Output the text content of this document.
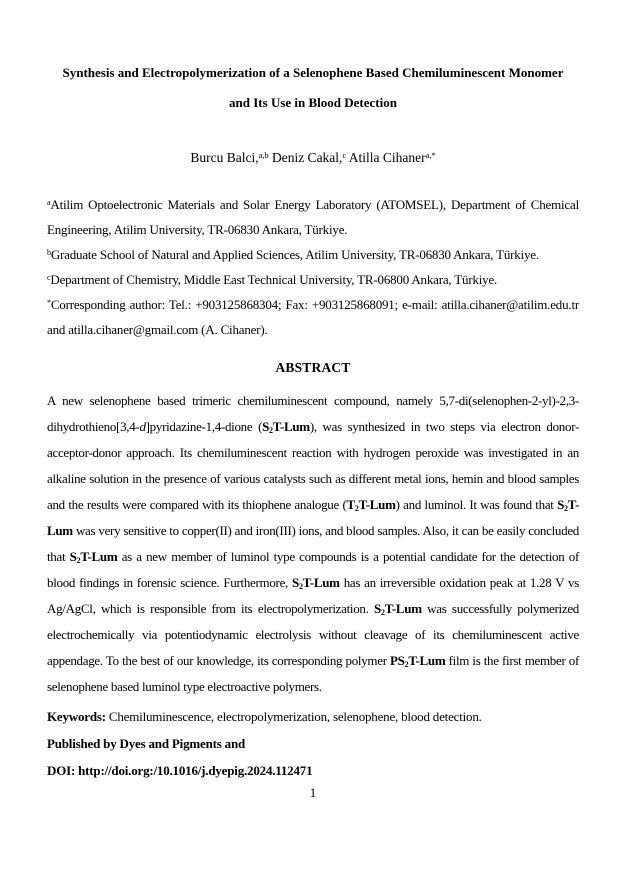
Synthesis and Electropolymerization of a Selenophene Based Chemiluminescent Monomer
and Its Use in Blood Detection
Burcu Balci,$^{a,b}$ Deniz Cakal,$^c$ Atilla Cihaner$^{a,*}$

$^a$Atilim Optoelectronic Materials and Solar Energy Laboratory (ATOMSEL), Department of Chemical Engineering, Atilim University, TR-06830 Ankara, Türkiye.

$^b$Graduate School of Natural and Applied Sciences, Atilim University, TR-06830 Ankara, Türkiye.

$^c$Department of Chemistry, Middle East Technical University, TR-06800 Ankara, Türkiye.

*Corresponding author: Tel.: +903125868304; Fax: +903125868091; e-mail: atilla.cihaner@atilim.edu.tr and atilla.cihaner@gmail.com (A. Cihaner).

ABSTRACT

A new selenophene based trimeric chemiluminescent compound, namely 5,7-di(selenophen-2-yl)-2,3-dihydrothieno[3,4-d]pyridazine-1,4-dione (S2T-Lum), was synthesized in two steps via electron donor-acceptor-donor approach. Its chemiluminescent reaction with hydrogen peroxide was investigated in an alkaline solution in the presence of various catalysts such as different metal ions, hemin and blood samples and the results were compared with its thiophene analogue (T2T-Lum) and luminol. It was found that S2T-Lum was very sensitive to copper(II) and iron(III) ions, and blood samples. Also, it can be easily concluded that S2T-Lum as a new member of luminol type compounds is a potential candidate for the detection of blood findings in forensic science. Furthermore, S2T-Lum has an irreversible oxidation peak at 1.28 V vs Ag/AgCl, which is responsible from its electropolymerization. S2T-Lum was successfully polymerized electrochemically via potentiodynamic electrolysis without cleavage of its chemiluminescent active appendage. To the best of our knowledge, its corresponding polymer PS2T-Lum film is the first member of selenophene based luminol type electroactive polymers.

Keywords: Chemiluminescence, electropolymerization, selenophene, blood detection.

Published by Dyes and Pigments and

DOI: http://doi.org:/10.1016/j.dyepig.2024.112471

1
